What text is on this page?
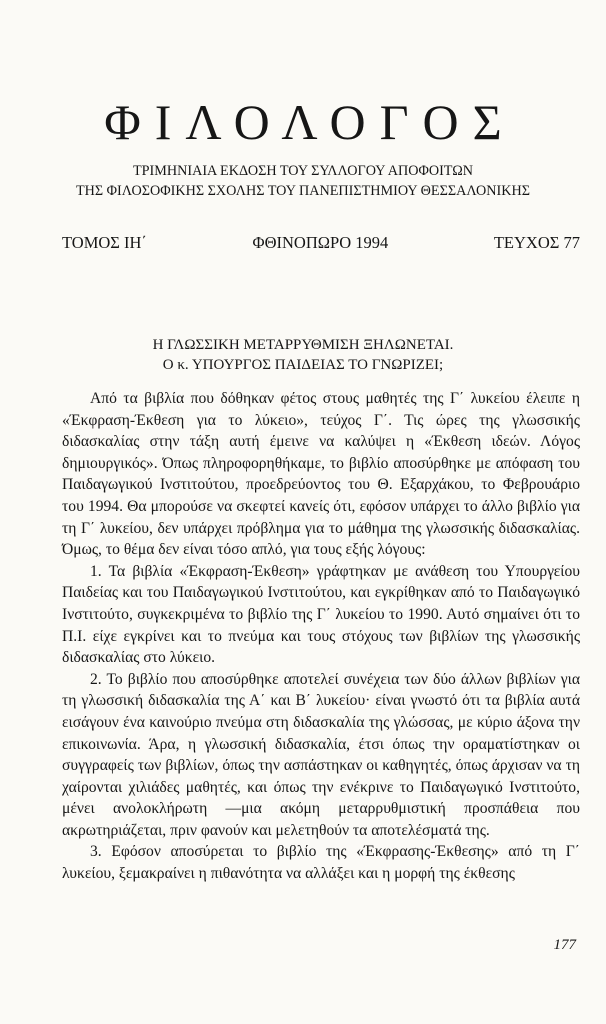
ΦΙΛΟΛΟΓΟΣ
ΤΡΙΜΗΝΙΑΙΑ ΕΚΔΟΣΗ ΤΟΥ ΣΥΛΛΟΓΟΥ ΑΠΟΦΟΙΤΩΝ
ΤΗΣ ΦΙΛΟΣΟΦΙΚΗΣ ΣΧΟΛΗΣ ΤΟΥ ΠΑΝΕΠΙΣΤΗΜΙΟΥ ΘΕΣΣΑΛΟΝΙΚΗΣ
ΤΟΜΟΣ ΙΗ΄	ΦΘΙΝΟΠΩΡΟ 1994	ΤΕΥΧΟΣ 77
Η ΓΛΩΣΣΙΚΗ ΜΕΤΑΡΡΥΘΜΙΣΗ ΞΗΛΩΝΕΤΑΙ.
Ο κ. ΥΠΟΥΡΓΟΣ ΠΑΙΔΕΙΑΣ ΤΟ ΓΝΩΡΙΖΕΙ;

Από τα βιβλία που δόθηκαν φέτος στους μαθητές της Γ΄ λυκείου έλειπε η «Έκφραση-Έκθεση για το λύκειο», τεύχος Γ΄. Τις ώρες της γλωσσικής διδασκαλίας στην τάξη αυτή έμεινε να καλύψει η «Έκθεση ιδεών. Λόγος δημιουργικός». Όπως πληροφορηθήκαμε, το βιβλίο αποσύρθηκε με απόφαση του Παιδαγωγικού Ινστιτούτου, προεδρεύοντος του Θ. Εξαρχάκου, το Φεβρουάριο του 1994. Θα μπορούσε να σκεφτεί κανείς ότι, εφόσον υπάρχει το άλλο βιβλίο για τη Γ΄ λυκείου, δεν υπάρχει πρόβλημα για το μάθημα της γλωσσικής διδασκαλίας. Όμως, το θέμα δεν είναι τόσο απλό, για τους εξής λόγους:

1. Τα βιβλία «Έκφραση-Έκθεση» γράφτηκαν με ανάθεση του Υπουργείου Παιδείας και του Παιδαγωγικού Ινστιτούτου, και εγκρίθηκαν από το Παιδαγωγικό Ινστιτούτο, συγκεκριμένα το βιβλίο της Γ΄ λυκείου το 1990. Αυτό σημαίνει ότι το Π.Ι. είχε εγκρίνει και το πνεύμα και τους στόχους των βιβλίων της γλωσσικής διδασκαλίας στο λύκειο.

2. Το βιβλίο που αποσύρθηκε αποτελεί συνέχεια των δύο άλλων βιβλίων για τη γλωσσική διδασκαλία της Α΄ και Β΄ λυκείου· είναι γνωστό ότι τα βιβλία αυτά εισάγουν ένα καινούριο πνεύμα στη διδασκαλία της γλώσσας, με κύριο άξονα την επικοινωνία. Άρα, η γλωσσική διδασκαλία, έτσι όπως την οραματίστηκαν οι συγγραφείς των βιβλίων, όπως την ασπάστηκαν οι καθηγητές, όπως άρχισαν να τη χαίρονται χιλιάδες μαθητές, και όπως την ενέκρινε το Παιδαγωγικό Ινστιτούτο, μένει ανολοκλήρωτη —μια ακόμη μεταρρυθμιστική προσπάθεια που ακρωτηριάζεται, πριν φανούν και μελετηθούν τα αποτελέσματά της.

3. Εφόσον αποσύρεται το βιβλίο της «Έκφρασης-Έκθεσης» από τη Γ΄ λυκείου, ξεμακραίνει η πιθανότητα να αλλάξει και η μορφή της έκθεσης

177
